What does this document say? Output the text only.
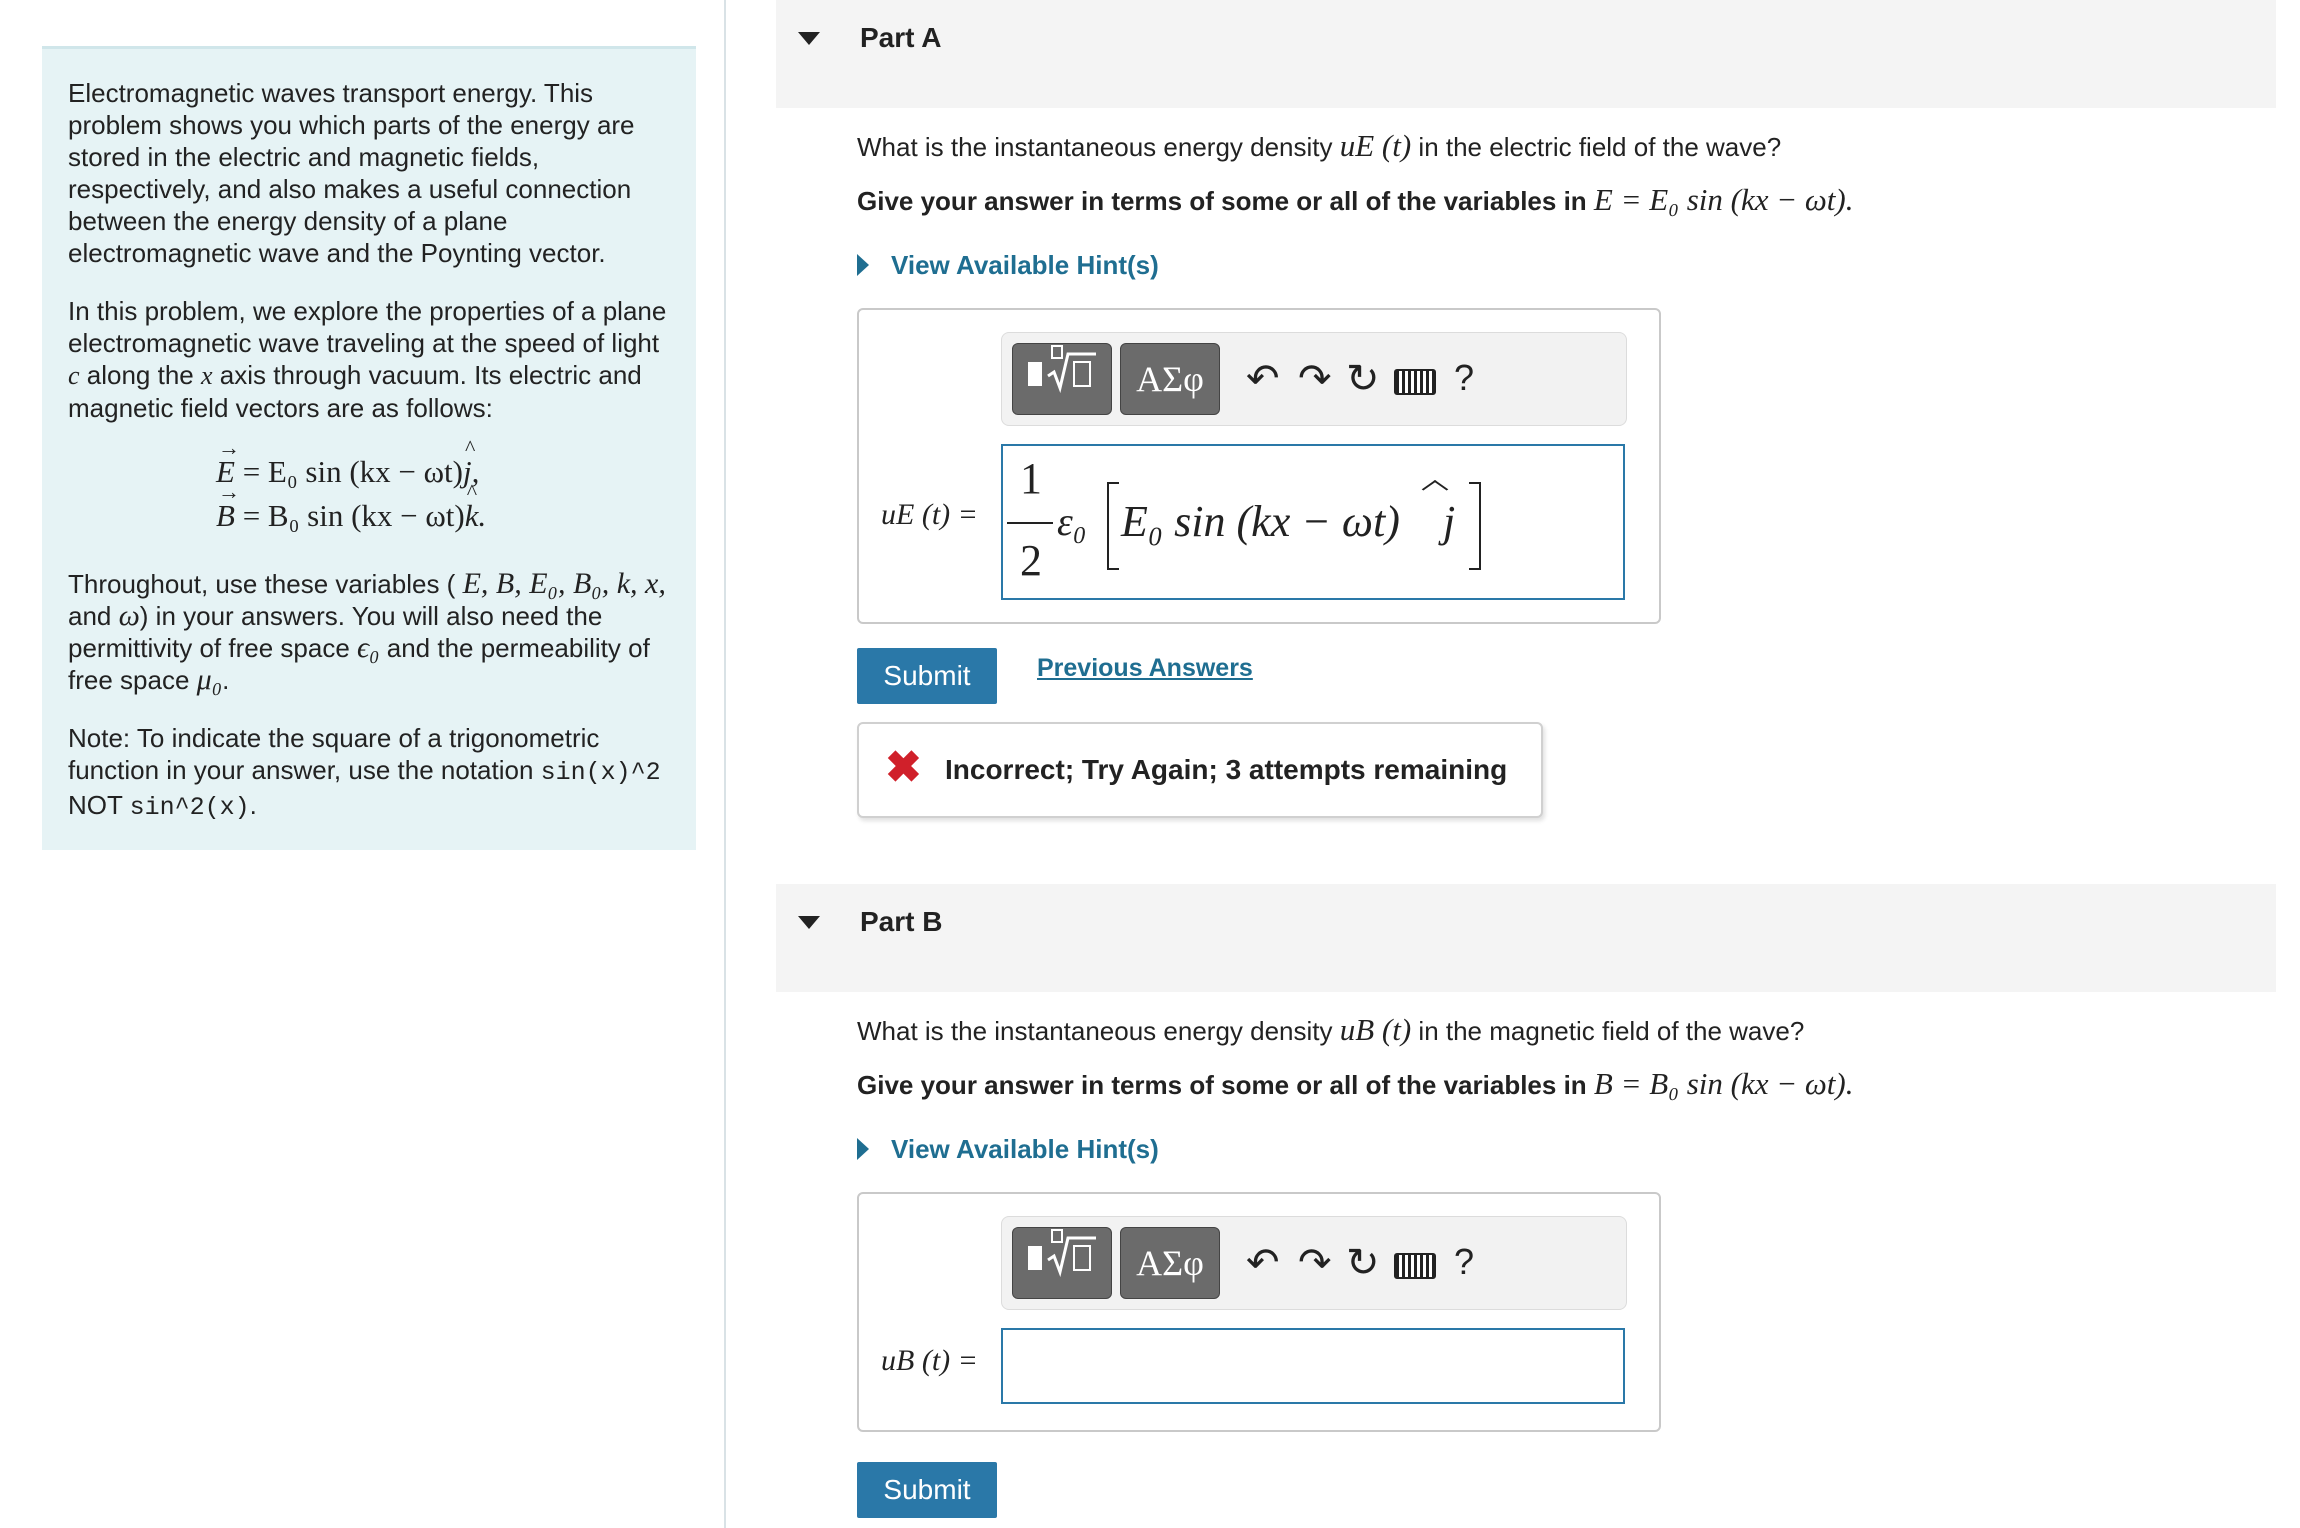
Electromagnetic waves transport energy. This problem shows you which parts of the energy are stored in the electric and magnetic fields, respectively, and also makes a useful connection between the energy density of a plane electromagnetic wave and the Poynting vector.

In this problem, we explore the properties of a plane electromagnetic wave traveling at the speed of light c along the x axis through vacuum. Its electric and magnetic field vectors are as follows:

→ E = E₀ sin (kx − ωt)^ j,
→ B = B₀ sin (kx − ωt)^ k.

Throughout, use these variables ( E, B, E₀, B₀, k, x, and ω) in your answers. You will also need the permittivity of free space ϵ₀ and the permeability of free space μ₀.

Note: To indicate the square of a trigonometric function in your answer, use the notation sin(x)^2 NOT sin^2(x).

Part A
What is the instantaneous energy density uE (t) in the electric field of the wave?
Give your answer in terms of some or all of the variables in E = E₀ sin (kx − ωt).
View Available Hint(s)
ΑΣφ	↶ ↷ ↻ ?
uE (t) =
1
2
ε₀ E₀ sin (kx − ωt) j
Submit	Previous Answers
✖ Incorrect; Try Again; 3 attempts remaining
Part B
What is the instantaneous energy density uB (t) in the magnetic field of the wave?
Give your answer in terms of some or all of the variables in B = B₀ sin (kx − ωt).
View Available Hint(s)
ΑΣφ	↶ ↷ ↻ ?
uB (t) =
Submit
